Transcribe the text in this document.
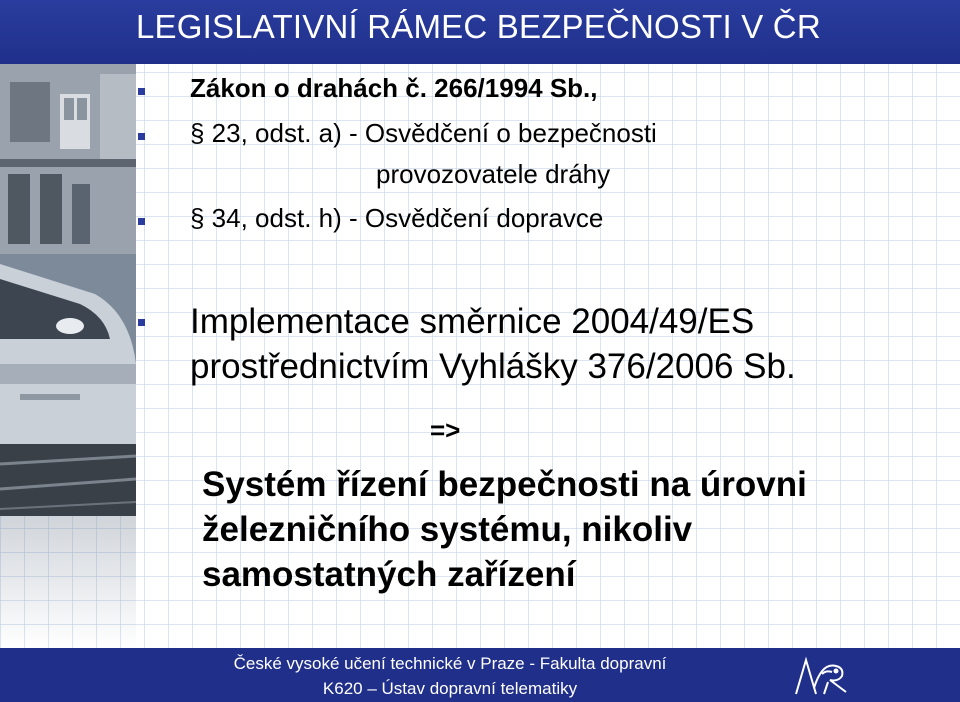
LEGISLATIVNÍ RÁMEC BEZPEČNOSTI V ČR
Zákon o drahách č. 266/1994 Sb.,
§ 23, odst. a) - Osvědčení o bezpečnosti
provozovatele dráhy
§ 34, odst. h) - Osvědčení dopravce
Implementace směrnice 2004/49/ES
prostřednictvím Vyhlášky 376/2006 Sb.
=>
Systém řízení bezpečnosti na úrovni
železničního systému, nikoliv
samostatných zařízení
České vysoké učení technické v Praze - Fakulta dopravní
K620 – Ústav dopravní telematiky
